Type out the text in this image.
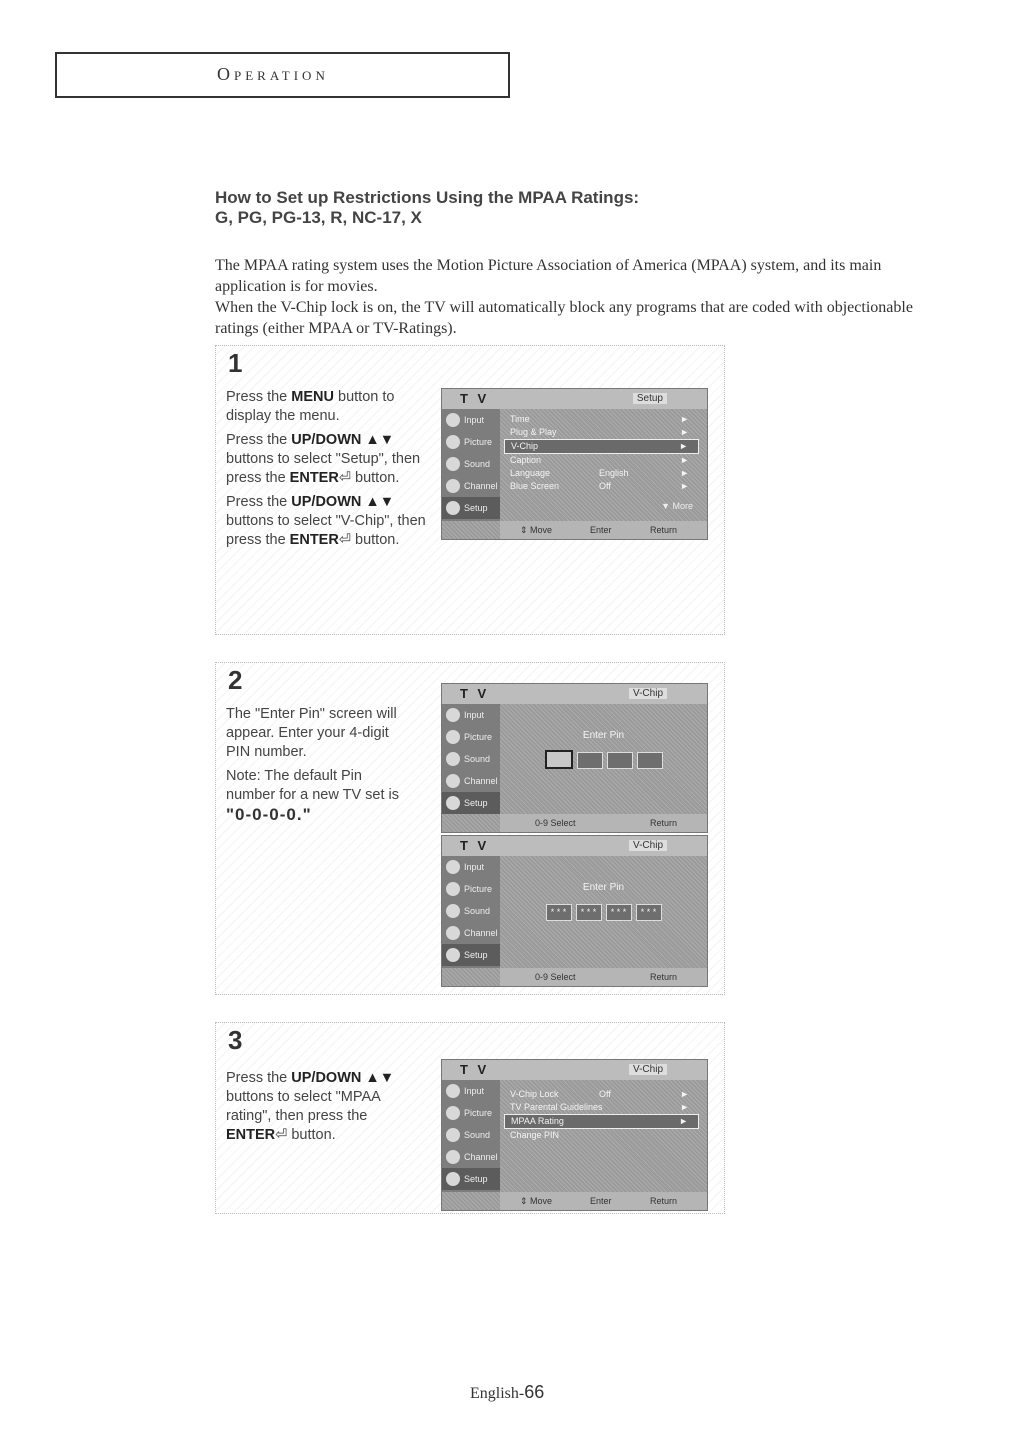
Operation
How to Set up Restrictions Using the MPAA Ratings:
G, PG, PG-13, R, NC-17, X

The MPAA rating system uses the Motion Picture Association of America (MPAA) system, and its main application is for movies.

When the V-Chip lock is on, the TV will automatically block any programs that are coded with objectionable ratings (either MPAA or TV-Ratings).

1

Press the MENU button to display the menu.

Press the UP/DOWN ▲▼ buttons to select "Setup", then press the ENTER⏎ button.

Press the UP/DOWN ▲▼ buttons to select "V-Chip", then press the ENTER⏎ button.

T V	Setup
Input
Picture
Sound
Channel
Setup
Time	►
Plug & Play	►
V-Chip	►
Caption	►
Language	English	►
Blue Screen	Off	►
▼ More
⇕ Move	Enter	Return
2

The "Enter Pin" screen will appear. Enter your 4-digit PIN number.

Note: The default Pin number for a new TV set is "0-0-0-0."

T V	V-Chip
Input
Picture
Sound
Channel
Setup
Enter Pin
0-9 Select	Return
T V	V-Chip
Input
Picture
Sound
Channel
Setup
Enter Pin
* * * * * * * * * * * *
0-9 Select	Return
3

Press the UP/DOWN ▲▼ buttons to select "MPAA rating", then press the ENTER⏎ button.

T V	V-Chip
Input
Picture
Sound
Channel
Setup
V-Chip Lock	Off	►
TV Parental Guidelines	►
MPAA Rating	►
Change PIN
⇕ Move	Enter	Return
English-66
